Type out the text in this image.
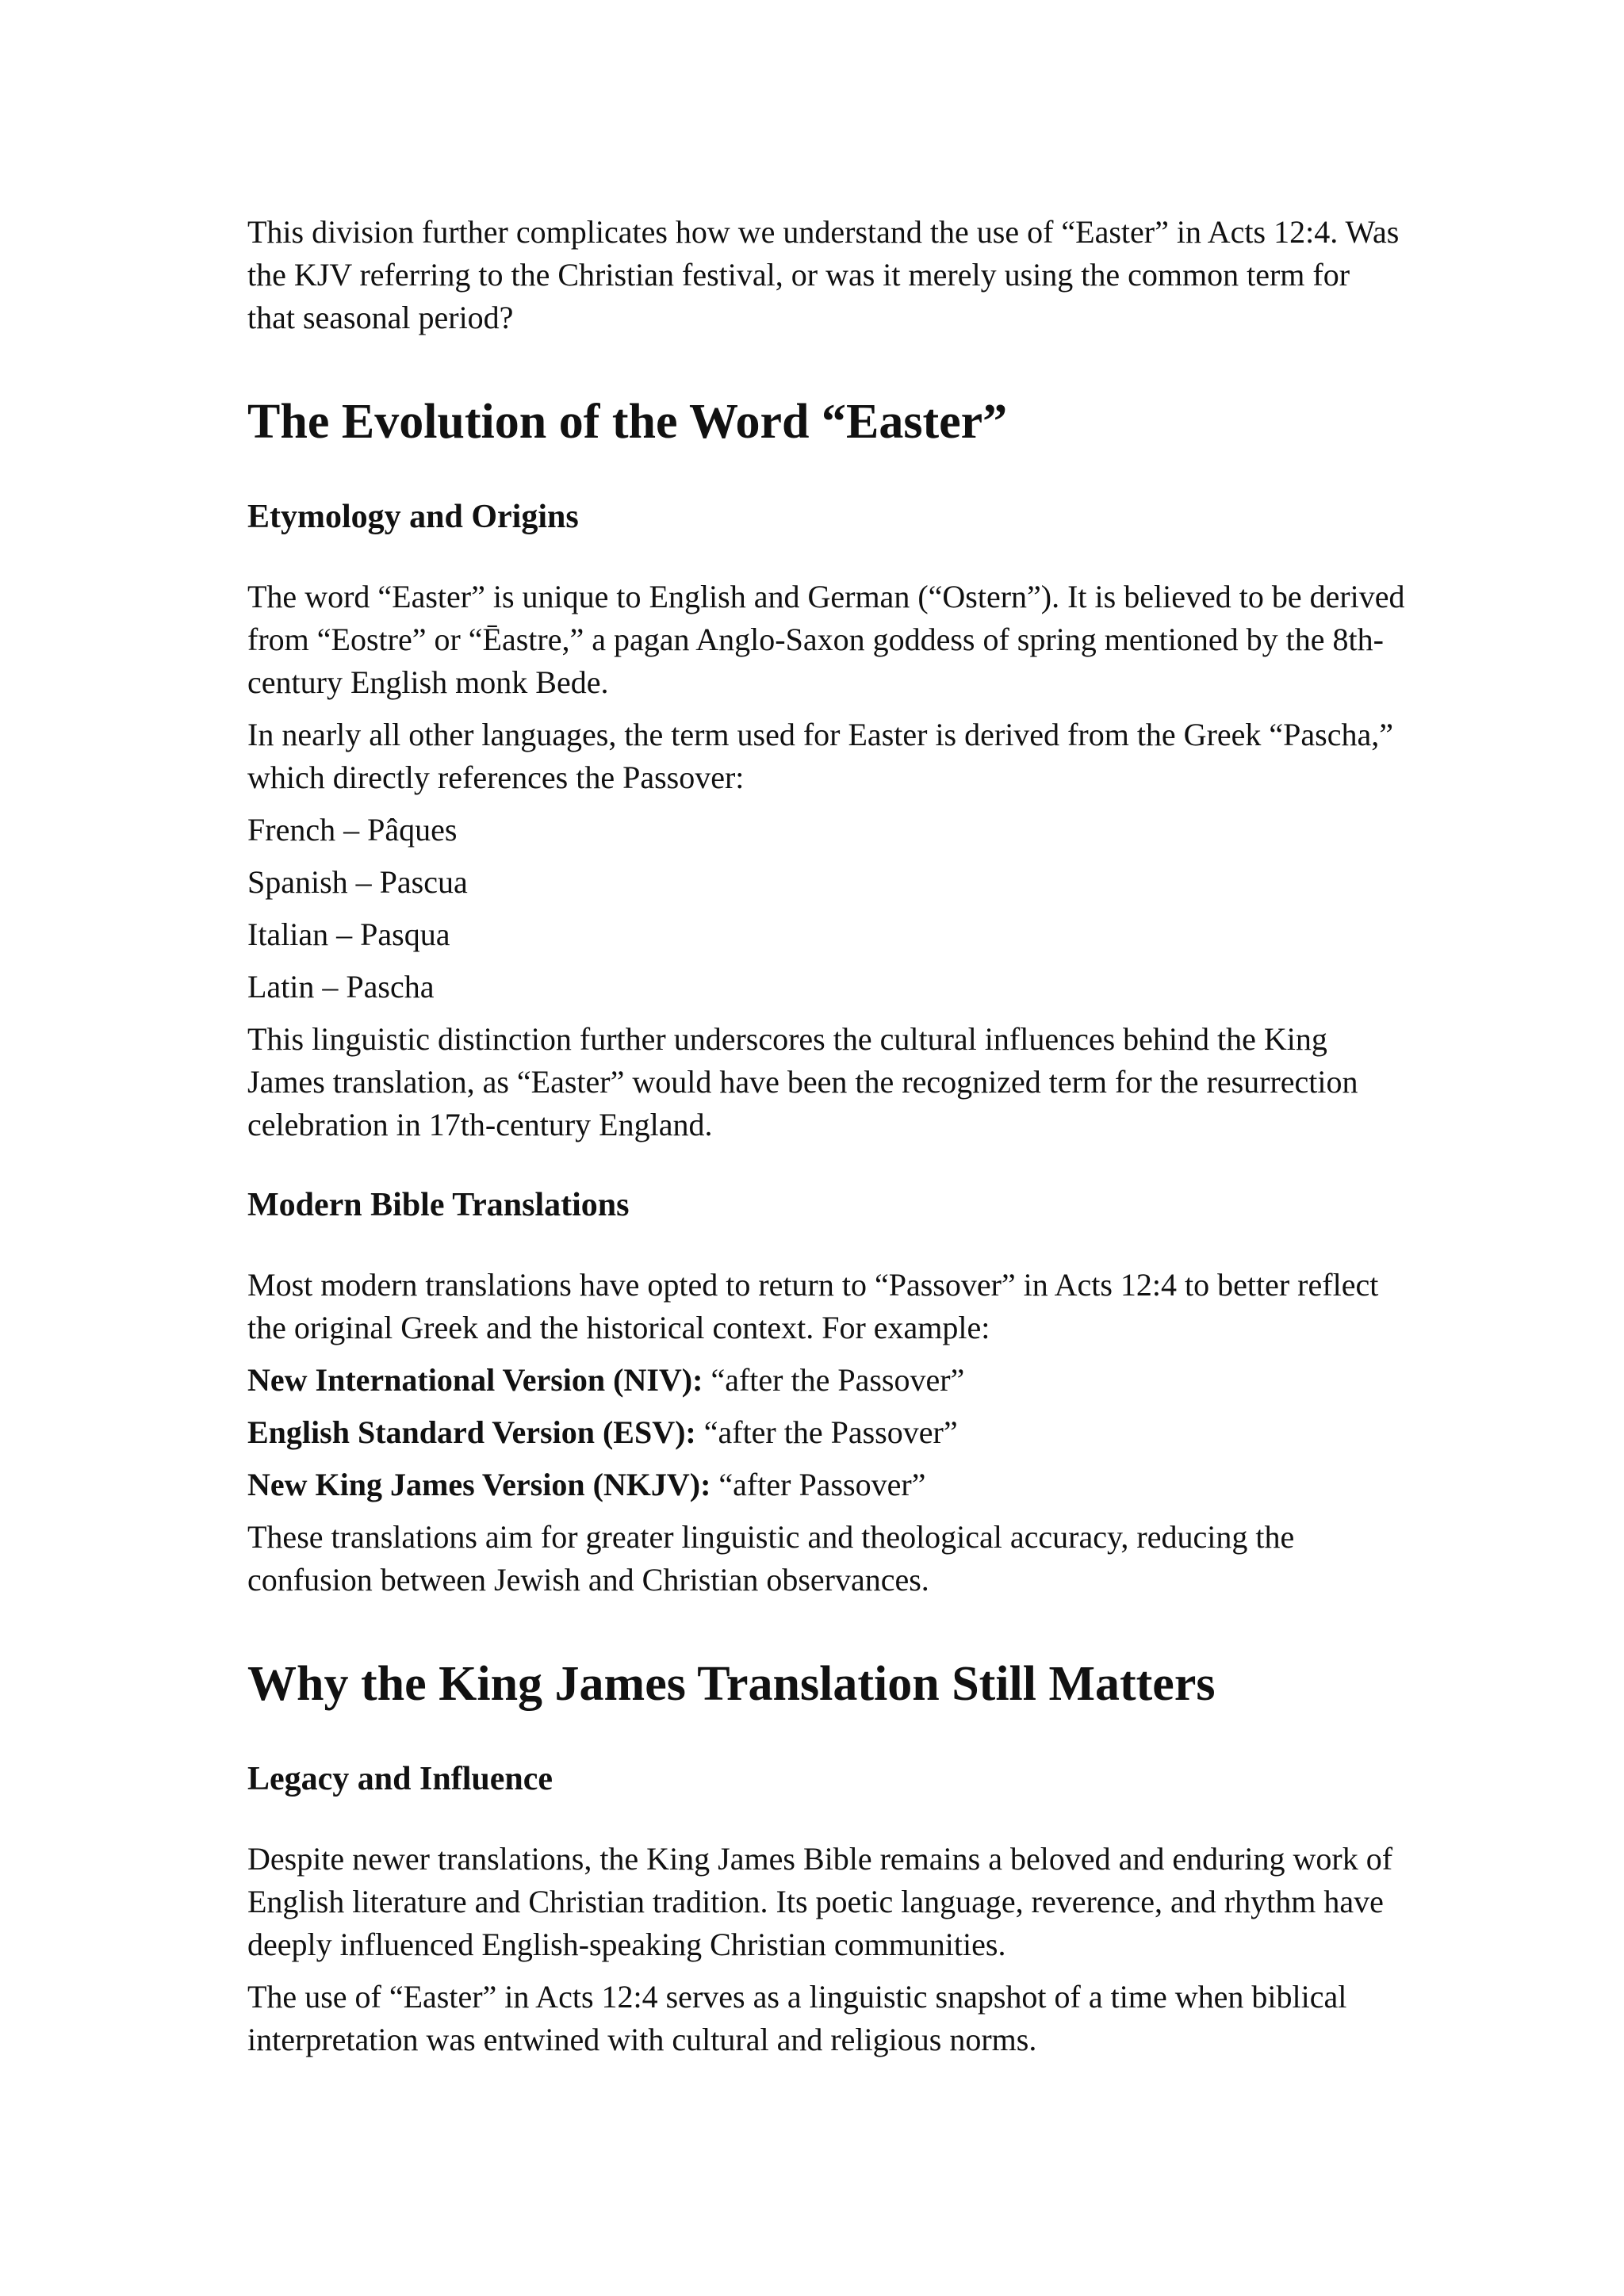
This division further complicates how we understand the use of “Easter” in Acts 12:4. Was the KJV referring to the Christian festival, or was it merely using the common term for that seasonal period?

The Evolution of the Word “Easter”
Etymology and Origins

The word “Easter” is unique to English and German (“Ostern”). It is believed to be derived from “Eostre” or “Ēastre,” a pagan Anglo-Saxon goddess of spring mentioned by the 8th-century English monk Bede.

In nearly all other languages, the term used for Easter is derived from the Greek “Pascha,” which directly references the Passover:

French – Pâques

Spanish – Pascua

Italian – Pasqua

Latin – Pascha

This linguistic distinction further underscores the cultural influences behind the King James translation, as “Easter” would have been the recognized term for the resurrection celebration in 17th-century England.

Modern Bible Translations

Most modern translations have opted to return to “Passover” in Acts 12:4 to better reflect the original Greek and the historical context. For example:

New International Version (NIV): “after the Passover”

English Standard Version (ESV): “after the Passover”

New King James Version (NKJV): “after Passover”

These translations aim for greater linguistic and theological accuracy, reducing the confusion between Jewish and Christian observances.

Why the King James Translation Still Matters
Legacy and Influence

Despite newer translations, the King James Bible remains a beloved and enduring work of English literature and Christian tradition. Its poetic language, reverence, and rhythm have deeply influenced English-speaking Christian communities.

The use of “Easter” in Acts 12:4 serves as a linguistic snapshot of a time when biblical interpretation was entwined with cultural and religious norms.
